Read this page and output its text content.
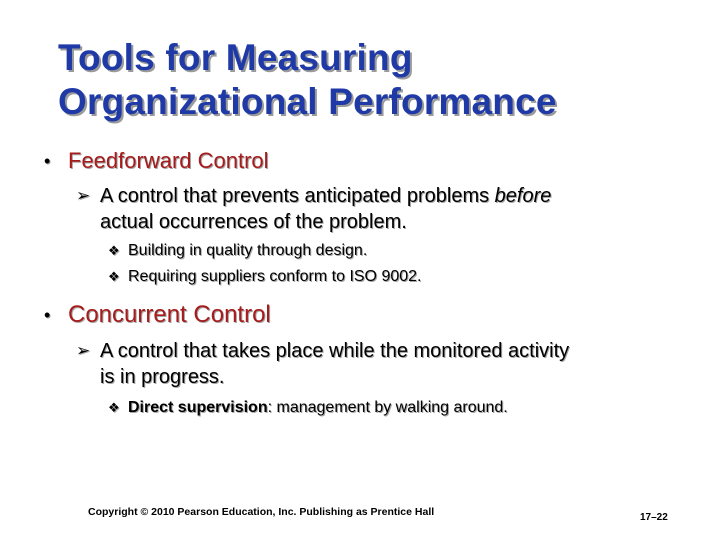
Tools for Measuring
Organizational Performance
• Feedforward Control
➢ A control that prevents anticipated problems before
actual occurrences of the problem.
❖ Building in quality through design.
❖ Requiring suppliers conform to ISO 9002.
• Concurrent Control
➢ A control that takes place while the monitored activity
is in progress.
❖ Direct supervision: management by walking around.
Copyright © 2010 Pearson Education, Inc. Publishing as Prentice Hall	17–22
